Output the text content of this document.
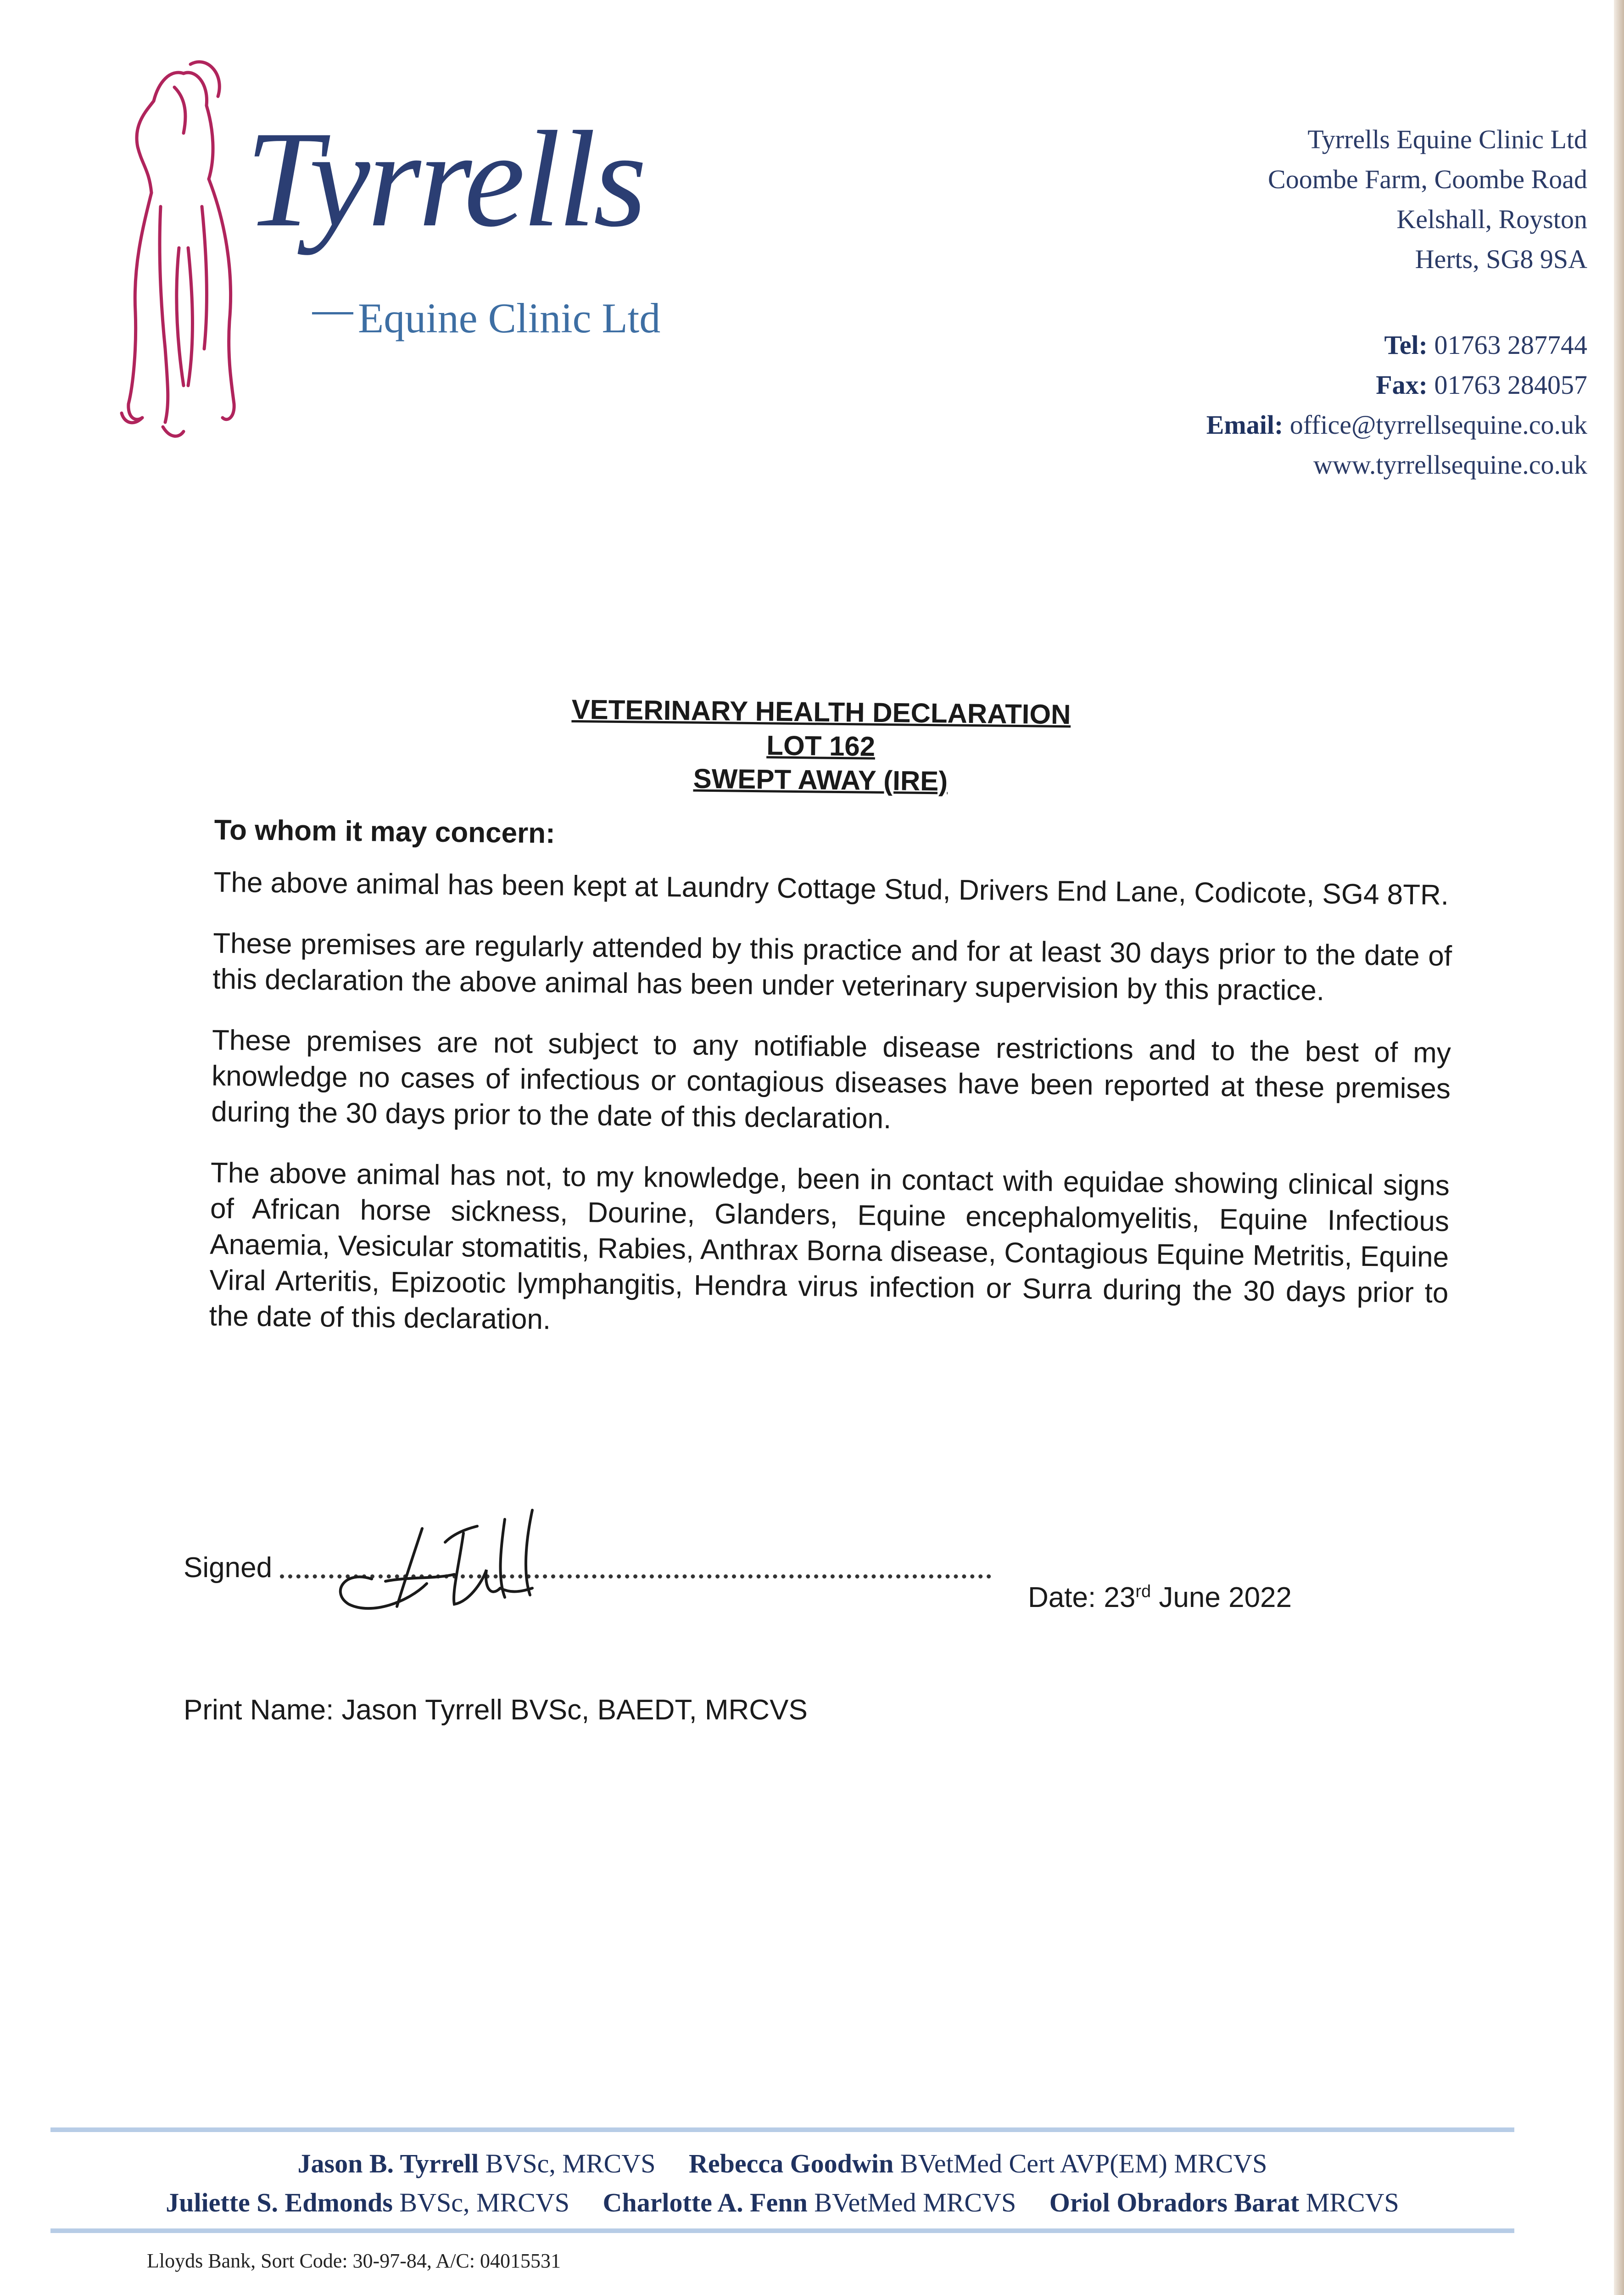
Tyrrells
Equine Clinic Ltd
Tyrrells Equine Clinic Ltd
Coombe Farm, Coombe Road
Kelshall, Royston
Herts, SG8 9SA
Tel: 01763 287744
Fax: 01763 284057
Email: office@tyrrellsequine.co.uk
www.tyrrellsequine.co.uk

VETERINARY HEALTH DECLARATION

LOT 162

SWEPT AWAY (IRE)

To whom it may concern:

The above animal has been kept at Laundry Cottage Stud, Drivers End Lane, Codicote, SG4 8TR.

These premises are regularly attended by this practice and for at least 30 days prior to the date of this declaration the above animal has been under veterinary supervision by this practice.

These premises are not subject to any notifiable disease restrictions and to the best of my knowledge no cases of infectious or contagious diseases have been reported at these premises during the 30 days prior to the date of this declaration.

The above animal has not, to my knowledge, been in contact with equidae showing clinical signs of African horse sickness, Dourine, Glanders, Equine encephalomyelitis, Equine Infectious Anaemia, Vesicular stomatitis, Rabies, Anthrax Borna disease, Contagious Equine Metritis, Equine Viral Arteritis, Epizootic lymphangitis, Hendra virus infection or Surra during the 30 days prior to the date of this declaration.

Signed
Date: 23rd June 2022
Print Name: Jason Tyrrell BVSc, BAEDT, MRCVS
Jason B. Tyrrell BVSc, MRCVS Rebecca Goodwin BVetMed Cert AVP(EM) MRCVS
Juliette S. Edmonds BVSc, MRCVS Charlotte A. Fenn BVetMed MRCVS Oriol Obradors Barat MRCVS
Lloyds Bank, Sort Code: 30-97-84, A/C: 04015531
